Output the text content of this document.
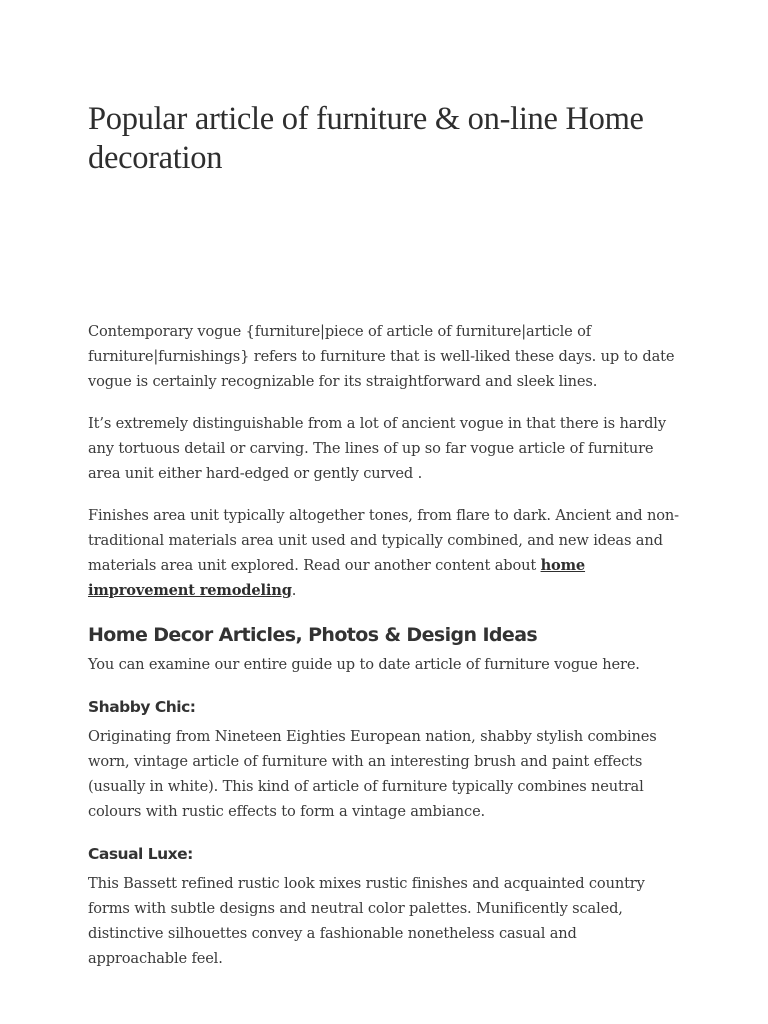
Popular article of furniture & on-line Home decoration

Contemporary vogue {furniture|piece of article of furniture|article of furniture|furnishings} refers to furniture that is well-liked these days. up to date vogue is certainly recognizable for its straightforward and sleek lines.

It’s extremely distinguishable from a lot of ancient vogue in that there is hardly any tortuous detail or carving. The lines of up so far vogue article of furniture area unit either hard-edged or gently curved .

Finishes area unit typically altogether tones, from flare to dark. Ancient and non-traditional materials area unit used and typically combined, and new ideas and materials area unit explored. Read our another content about home improvement remodeling.

Home Decor Articles, Photos & Design Ideas

You can examine our entire guide up to date article of furniture vogue here.

Shabby Chic:

Originating from Nineteen Eighties European nation, shabby stylish combines worn, vintage article of furniture with an interesting brush and paint effects (usually in white). This kind of article of furniture typically combines neutral colours with rustic effects to form a vintage ambiance.

Casual Luxe:

This Bassett refined rustic look mixes rustic finishes and acquainted country forms with subtle designs and neutral color palettes. Munificently scaled, distinctive silhouettes convey a fashionable nonetheless casual and approachable feel.
